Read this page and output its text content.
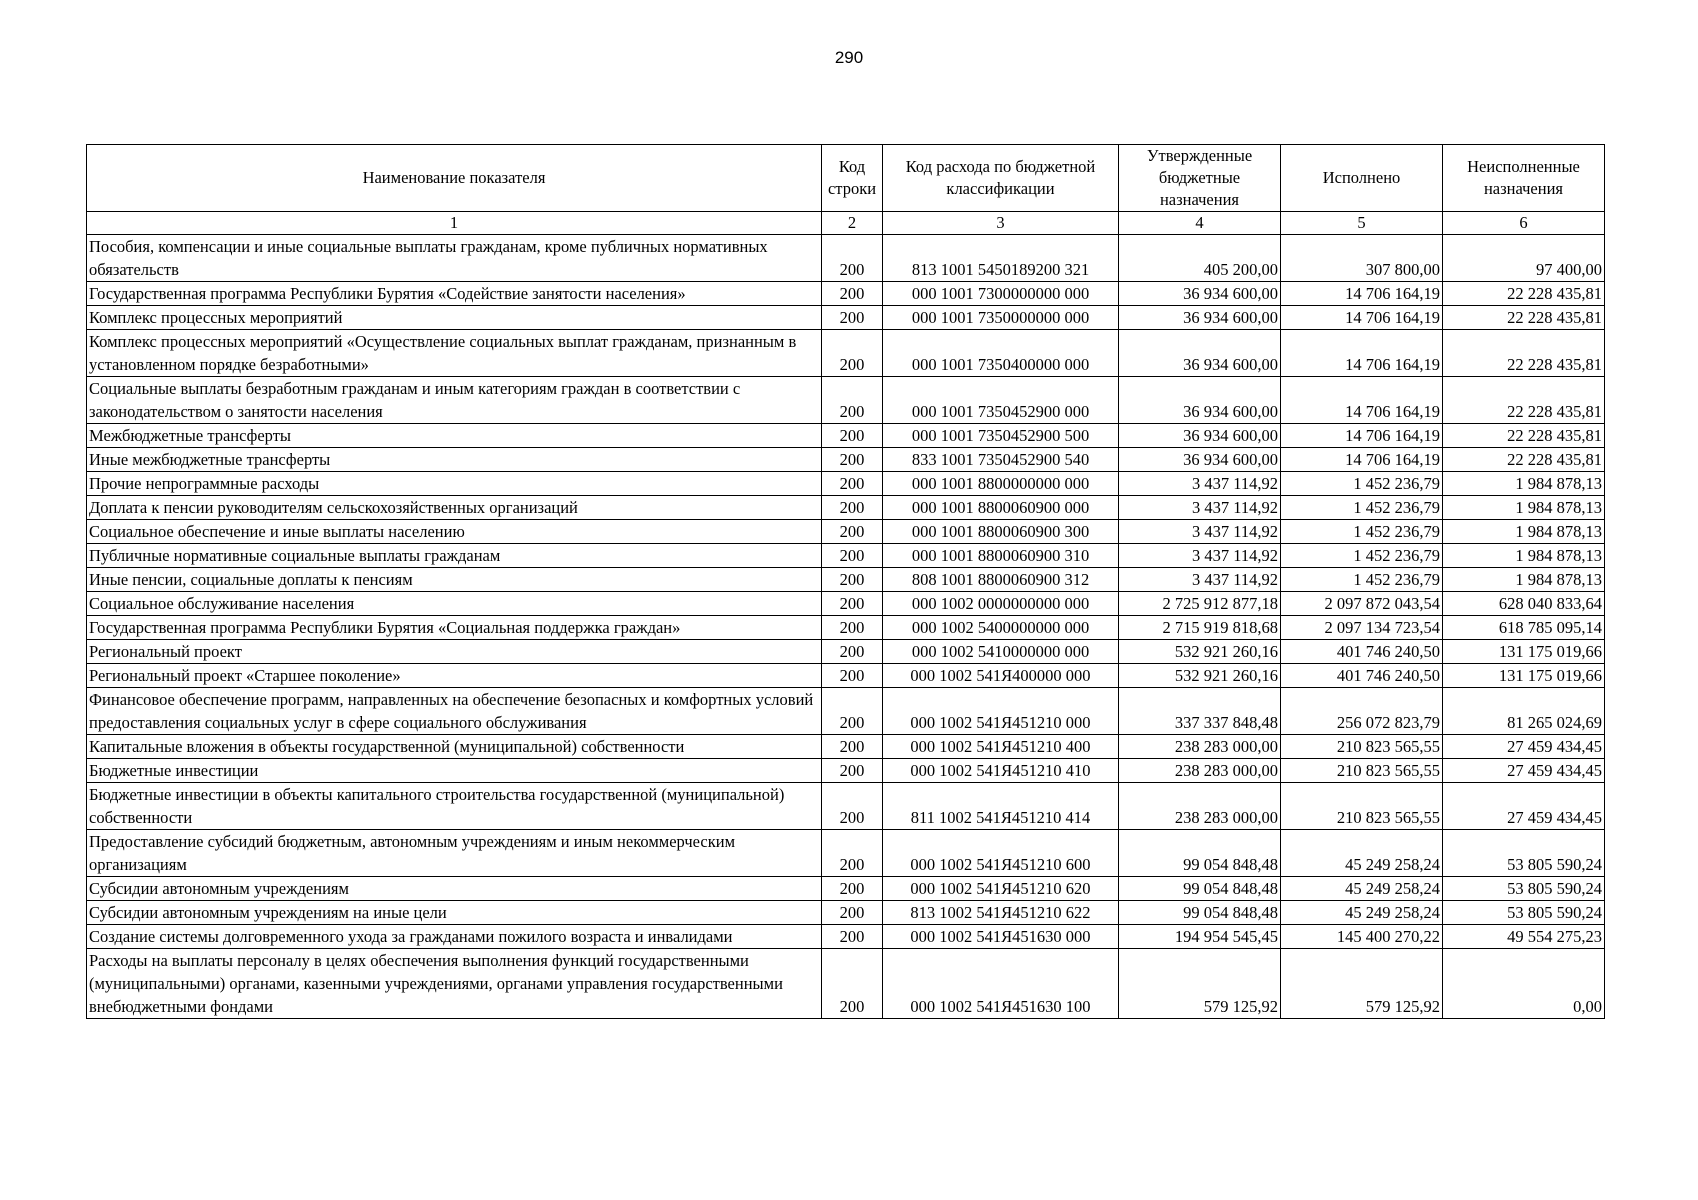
290
Наименование показателя	Код строки	Код расхода по бюджетной классификации	Утвержденные бюджетные назначения	Исполнено	Неисполненные назначения
1	2	3	4	5	6
Пособия, компенсации и иные социальные выплаты гражданам, кроме публичных нормативных обязательств	200	813 1001 5450189200 321	405 200,00	307 800,00	97 400,00
Государственная программа Республики Бурятия «Содействие занятости населения»	200	000 1001 7300000000 000	36 934 600,00	14 706 164,19	22 228 435,81
Комплекс процессных мероприятий	200	000 1001 7350000000 000	36 934 600,00	14 706 164,19	22 228 435,81
Комплекс процессных мероприятий «Осуществление социальных выплат гражданам, признанным в установленном порядке безработными»	200	000 1001 7350400000 000	36 934 600,00	14 706 164,19	22 228 435,81
Социальные выплаты безработным гражданам и иным категориям граждан в соответствии с законодательством о занятости населения	200	000 1001 7350452900 000	36 934 600,00	14 706 164,19	22 228 435,81
Межбюджетные трансферты	200	000 1001 7350452900 500	36 934 600,00	14 706 164,19	22 228 435,81
Иные межбюджетные трансферты	200	833 1001 7350452900 540	36 934 600,00	14 706 164,19	22 228 435,81
Прочие непрограммные расходы	200	000 1001 8800000000 000	3 437 114,92	1 452 236,79	1 984 878,13
Доплата к пенсии руководителям сельскохозяйственных организаций	200	000 1001 8800060900 000	3 437 114,92	1 452 236,79	1 984 878,13
Социальное обеспечение и иные выплаты населению	200	000 1001 8800060900 300	3 437 114,92	1 452 236,79	1 984 878,13
Публичные нормативные социальные выплаты гражданам	200	000 1001 8800060900 310	3 437 114,92	1 452 236,79	1 984 878,13
Иные пенсии, социальные доплаты к пенсиям	200	808 1001 8800060900 312	3 437 114,92	1 452 236,79	1 984 878,13
Социальное обслуживание населения	200	000 1002 0000000000 000	2 725 912 877,18	2 097 872 043,54	628 040 833,64
Государственная программа Республики Бурятия «Социальная поддержка граждан»	200	000 1002 5400000000 000	2 715 919 818,68	2 097 134 723,54	618 785 095,14
Региональный проект	200	000 1002 5410000000 000	532 921 260,16	401 746 240,50	131 175 019,66
Региональный проект «Старшее поколение»	200	000 1002 541Я400000 000	532 921 260,16	401 746 240,50	131 175 019,66
Финансовое обеспечение программ, направленных на обеспечение безопасных и комфортных условий предоставления социальных услуг в сфере социального обслуживания	200	000 1002 541Я451210 000	337 337 848,48	256 072 823,79	81 265 024,69
Капитальные вложения в объекты государственной (муниципальной) собственности	200	000 1002 541Я451210 400	238 283 000,00	210 823 565,55	27 459 434,45
Бюджетные инвестиции	200	000 1002 541Я451210 410	238 283 000,00	210 823 565,55	27 459 434,45
Бюджетные инвестиции в объекты капитального строительства государственной (муниципальной) собственности	200	811 1002 541Я451210 414	238 283 000,00	210 823 565,55	27 459 434,45
Предоставление субсидий бюджетным, автономным учреждениям и иным некоммерческим организациям	200	000 1002 541Я451210 600	99 054 848,48	45 249 258,24	53 805 590,24
Субсидии автономным учреждениям	200	000 1002 541Я451210 620	99 054 848,48	45 249 258,24	53 805 590,24
Субсидии автономным учреждениям на иные цели	200	813 1002 541Я451210 622	99 054 848,48	45 249 258,24	53 805 590,24
Создание системы долговременного ухода за гражданами пожилого возраста и инвалидами	200	000 1002 541Я451630 000	194 954 545,45	145 400 270,22	49 554 275,23
Расходы на выплаты персоналу в целях обеспечения выполнения функций государственными (муниципальными) органами, казенными учреждениями, органами управления государственными внебюджетными фондами	200	000 1002 541Я451630 100	579 125,92	579 125,92	0,00
